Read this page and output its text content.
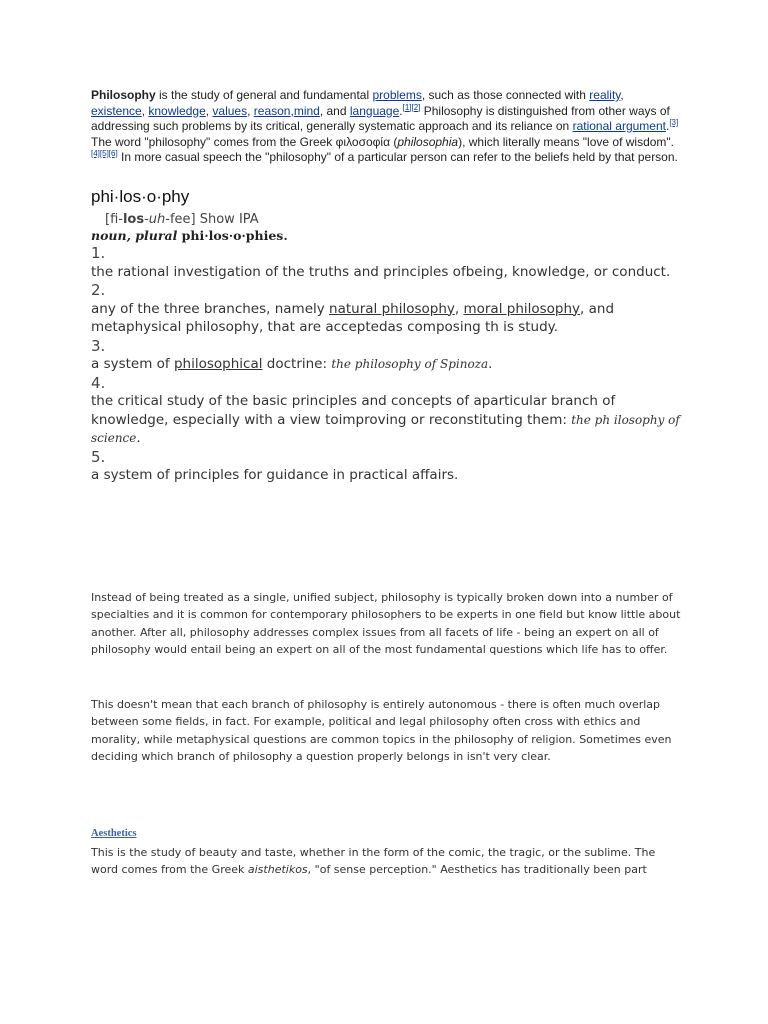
Philosophy is the study of general and fundamental problems, such as those connected with reality, existence, knowledge, values, reason,mind, and language.[1][2] Philosophy is distinguished from other ways of addressing such problems by its critical, generally systematic approach and its reliance on rational argument.[3] The word "philosophy" comes from the Greek φιλοσοφία (philosophia), which literally means "love of wisdom".[4][5][6] In more casual speech the "philosophy" of a particular person can refer to the beliefs held by that person.
phi·los·o·phy
[fi-los-uh-fee] Show IPA
noun, plural phi·los·o·phies.
1.
the rational investigation of the truths and principles ofbeing, knowledge, or conduct.
2.
any of the three branches, namely natural philosophy, moral philosophy, and metaphysical philosophy, that are acceptedas composing th is study.
3.
a system of philosophical doctrine: the philosophy of Spinoza.
4.
the critical study of the basic principles and concepts of aparticular branch of knowledge, especially with a view toimproving or reconstituting them: the ph ilosophy of science.
5.
a system of principles for guidance in practical affairs.
Instead of being treated as a single, unified subject, philosophy is typically broken down into a number of specialties and it is common for contemporary philosophers to be experts in one field but know little about another. After all, philosophy addresses complex issues from all facets of life - being an expert on all of philosophy would entail being an expert on all of the most fundamental questions which life has to offer.
This doesn't mean that each branch of philosophy is entirely autonomous - there is often much overlap between some fields, in fact. For example, political and legal philosophy often cross with ethics and morality, while metaphysical questions are common topics in the philosophy of religion. Sometimes even deciding which branch of philosophy a question properly belongs in isn't very clear.
Aesthetics
This is the study of beauty and taste, whether in the form of the comic, the tragic, or the sublime. The word comes from the Greek aisthetikos, "of sense perception." Aesthetics has traditionally been part
